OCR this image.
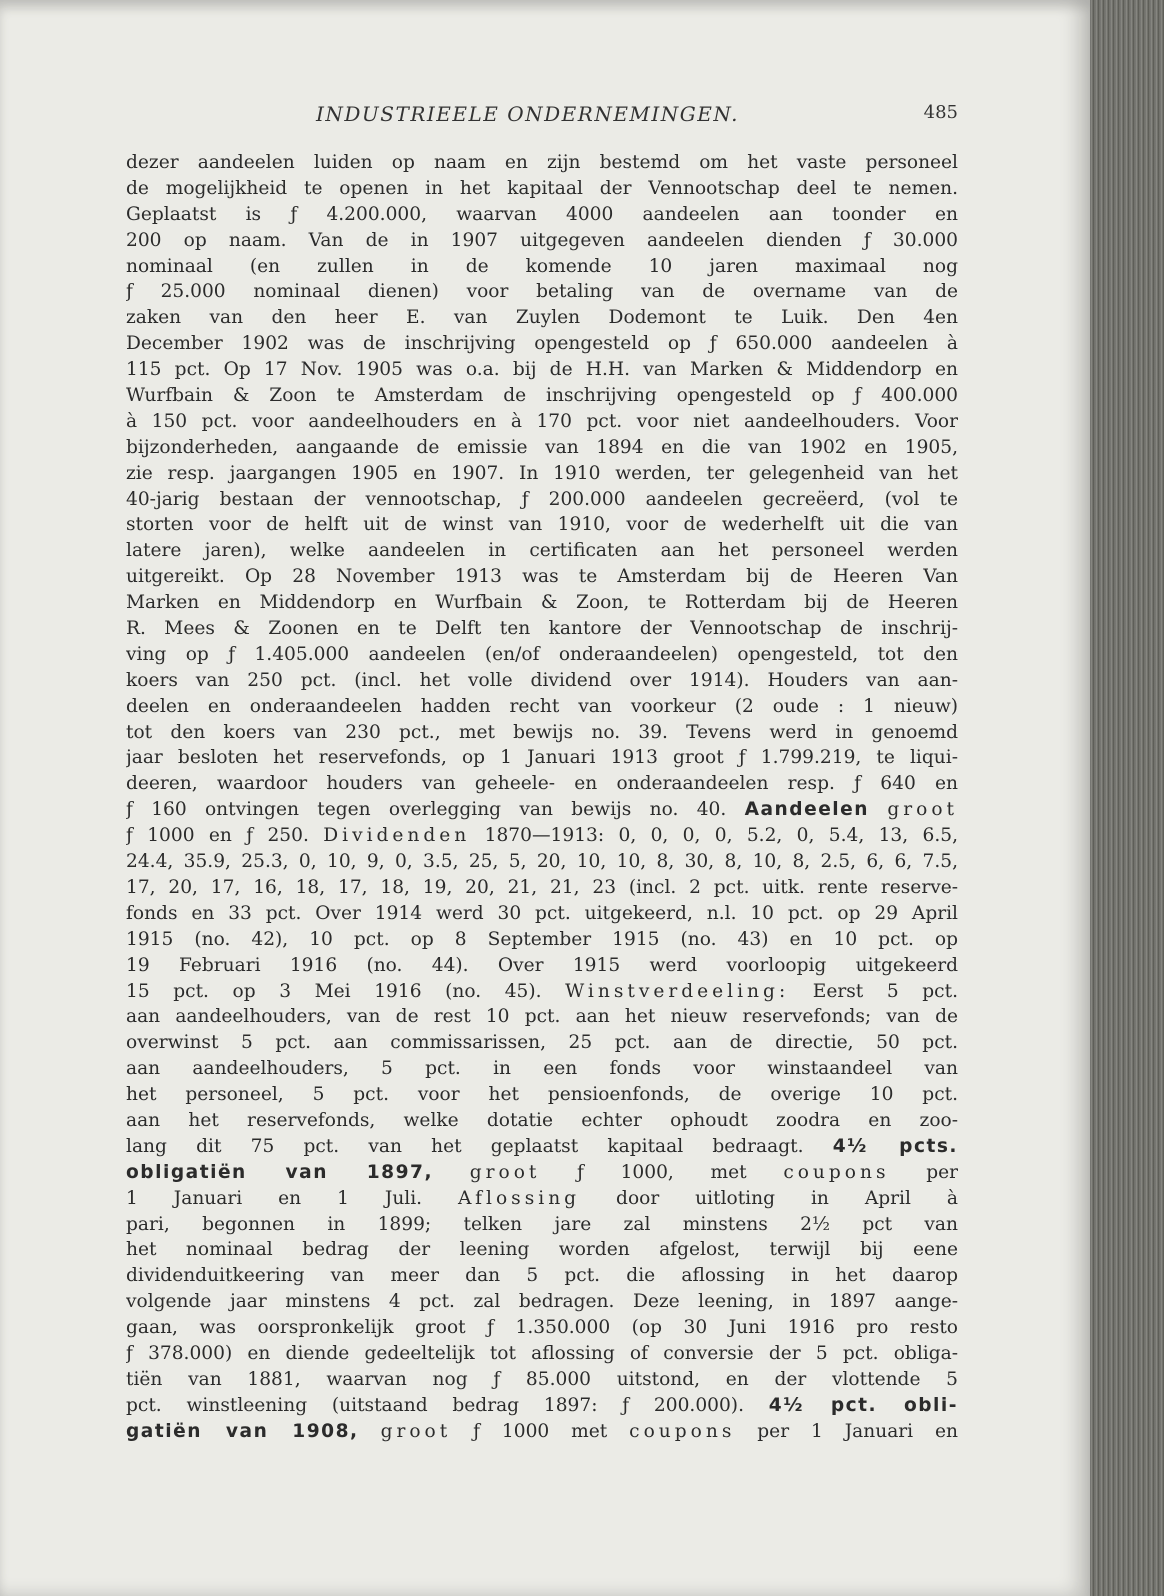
INDUSTRIEELE ONDERNEMINGEN.	485
dezer aandeelen luiden op naam en zijn bestemd om het vaste personeel
de mogelijkheid te openen in het kapitaal der Vennootschap deel te nemen.
Geplaatst is ƒ 4.200.000, waarvan 4000 aandeelen aan toonder en
200 op naam. Van de in 1907 uitgegeven aandeelen dienden ƒ 30.000
nominaal (en zullen in de komende 10 jaren maximaal nog
ƒ 25.000 nominaal dienen) voor betaling van de overname van de
zaken van den heer E. van Zuylen Dodemont te Luik. Den 4en
December 1902 was de inschrijving opengesteld op ƒ 650.000 aandeelen à
115 pct. Op 17 Nov. 1905 was o.a. bij de H.H. van Marken & Middendorp en
Wurfbain & Zoon te Amsterdam de inschrijving opengesteld op ƒ 400.000
à 150 pct. voor aandeelhouders en à 170 pct. voor niet aandeelhouders. Voor
bijzonderheden, aangaande de emissie van 1894 en die van 1902 en 1905,
zie resp. jaargangen 1905 en 1907. In 1910 werden, ter gelegenheid van het
40-jarig bestaan der vennootschap, ƒ 200.000 aandeelen gecreëerd, (vol te
storten voor de helft uit de winst van 1910, voor de wederhelft uit die van
latere jaren), welke aandeelen in certificaten aan het personeel werden
uitgereikt. Op 28 November 1913 was te Amsterdam bij de Heeren Van
Marken en Middendorp en Wurfbain & Zoon, te Rotterdam bij de Heeren
R. Mees & Zoonen en te Delft ten kantore der Vennootschap de inschrij-
ving op ƒ 1.405.000 aandeelen (en/of onderaandeelen) opengesteld, tot den
koers van 250 pct. (incl. het volle dividend over 1914). Houders van aan-
deelen en onderaandeelen hadden recht van voorkeur (2 oude : 1 nieuw)
tot den koers van 230 pct., met bewijs no. 39. Tevens werd in genoemd
jaar besloten het reservefonds, op 1 Januari 1913 groot ƒ 1.799.219, te liqui-
deeren, waardoor houders van geheele- en onderaandeelen resp. ƒ 640 en
ƒ 160 ontvingen tegen overlegging van bewijs no. 40. Aandeelen groot
ƒ 1000 en ƒ 250. Dividenden 1870—1913: 0, 0, 0, 0, 5.2, 0, 5.4, 13, 6.5,
24.4, 35.9, 25.3, 0, 10, 9, 0, 3.5, 25, 5, 20, 10, 10, 8, 30, 8, 10, 8, 2.5, 6, 6, 7.5,
17, 20, 17, 16, 18, 17, 18, 19, 20, 21, 21, 23 (incl. 2 pct. uitk. rente reserve-
fonds en 33 pct. Over 1914 werd 30 pct. uitgekeerd, n.l. 10 pct. op 29 April
1915 (no. 42), 10 pct. op 8 September 1915 (no. 43) en 10 pct. op
19 Februari 1916 (no. 44). Over 1915 werd voorloopig uitgekeerd
15 pct. op 3 Mei 1916 (no. 45). Winstverdeeling: Eerst 5 pct.
aan aandeelhouders, van de rest 10 pct. aan het nieuw reservefonds; van de
overwinst 5 pct. aan commissarissen, 25 pct. aan de directie, 50 pct.
aan aandeelhouders, 5 pct. in een fonds voor winstaandeel van
het personeel, 5 pct. voor het pensioenfonds, de overige 10 pct.
aan het reservefonds, welke dotatie echter ophoudt zoodra en zoo-
lang dit 75 pct. van het geplaatst kapitaal bedraagt. 4½ pcts.
obligatiën van 1897, groot ƒ 1000, met coupons per
1 Januari en 1 Juli. Aflossing door uitloting in April à
pari, begonnen in 1899; telken jare zal minstens 2½ pct van
het nominaal bedrag der leening worden afgelost, terwijl bij eene
dividenduitkeering van meer dan 5 pct. die aflossing in het daarop
volgende jaar minstens 4 pct. zal bedragen. Deze leening, in 1897 aange-
gaan, was oorspronkelijk groot ƒ 1.350.000 (op 30 Juni 1916 pro resto
ƒ 378.000) en diende gedeeltelijk tot aflossing of conversie der 5 pct. obliga-
tiën van 1881, waarvan nog ƒ 85.000 uitstond, en der vlottende 5
pct. winstleening (uitstaand bedrag 1897: ƒ 200.000). 4½ pct. obli-
gatiën van 1908, groot ƒ 1000 met coupons per 1 Januari en
